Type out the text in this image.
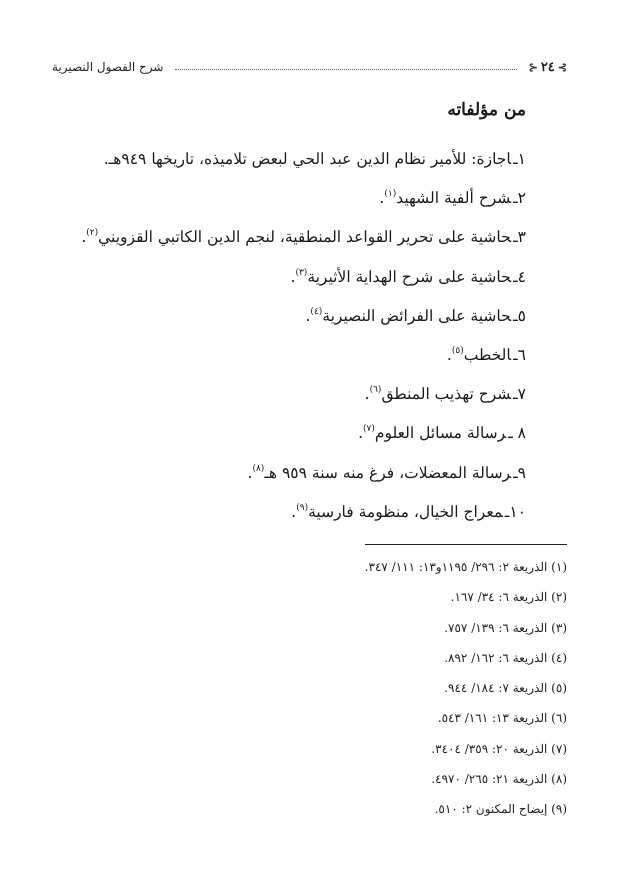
⊱
٢٤
⊰
شرح الفصول النصيرية
من مؤلفاته
١ـاجازة: للأمير نظام الدين عبد الحي لبعض تلاميذه، تاريخها ٩٤٩هـ.
٢ـشرح ألفية الشهيد$^{(١)}$.
٣ـحاشية على تحرير القواعد المنطقية، لنجم الدين الكاتبي القزويني$^{(٢)}$.
٤ـحاشية على شرح الهداية الأثيرية$^{(٣)}$.
٥ـحاشية على الفرائض النصيرية$^{(٤)}$.
٦ـالخطب$^{(٥)}$.
٧ـشرح تهذيب المنطق$^{(٦)}$.
٨ ـرسالة مسائل العلوم$^{(٧)}$.
٩ـرسالة المعضلات، فرغ منه سنة ٩٥٩ هـ$^{(٨)}$.
١٠ـمعراج الخيال، منظومة فارسية$^{(٩)}$.
(١) الذريعة ٢: ٢٩٦/ ١١٩٥و١٣: ١١١/ ٣٤٧.
(٢) الذريعة ٦: ٣٤/ ١٦٧.
(٣) الذريعة ٦: ١٣٩/ ٧٥٧.
(٤) الذريعة ٦: ١٦٢/ ٨٩٢.
(٥) الذريعة ٧: ١٨٤/ ٩٤٤.
(٦) الذريعة ١٣: ١٦١/ ٥٤٣.
(٧) الذريعة ٢٠: ٣٥٩/ ٣٤٠٤.
(٨) الذريعة ٢١: ٢٦٥/ ٤٩٧٠.
(٩) إيضاح المكنون ٢: ٥١٠.
